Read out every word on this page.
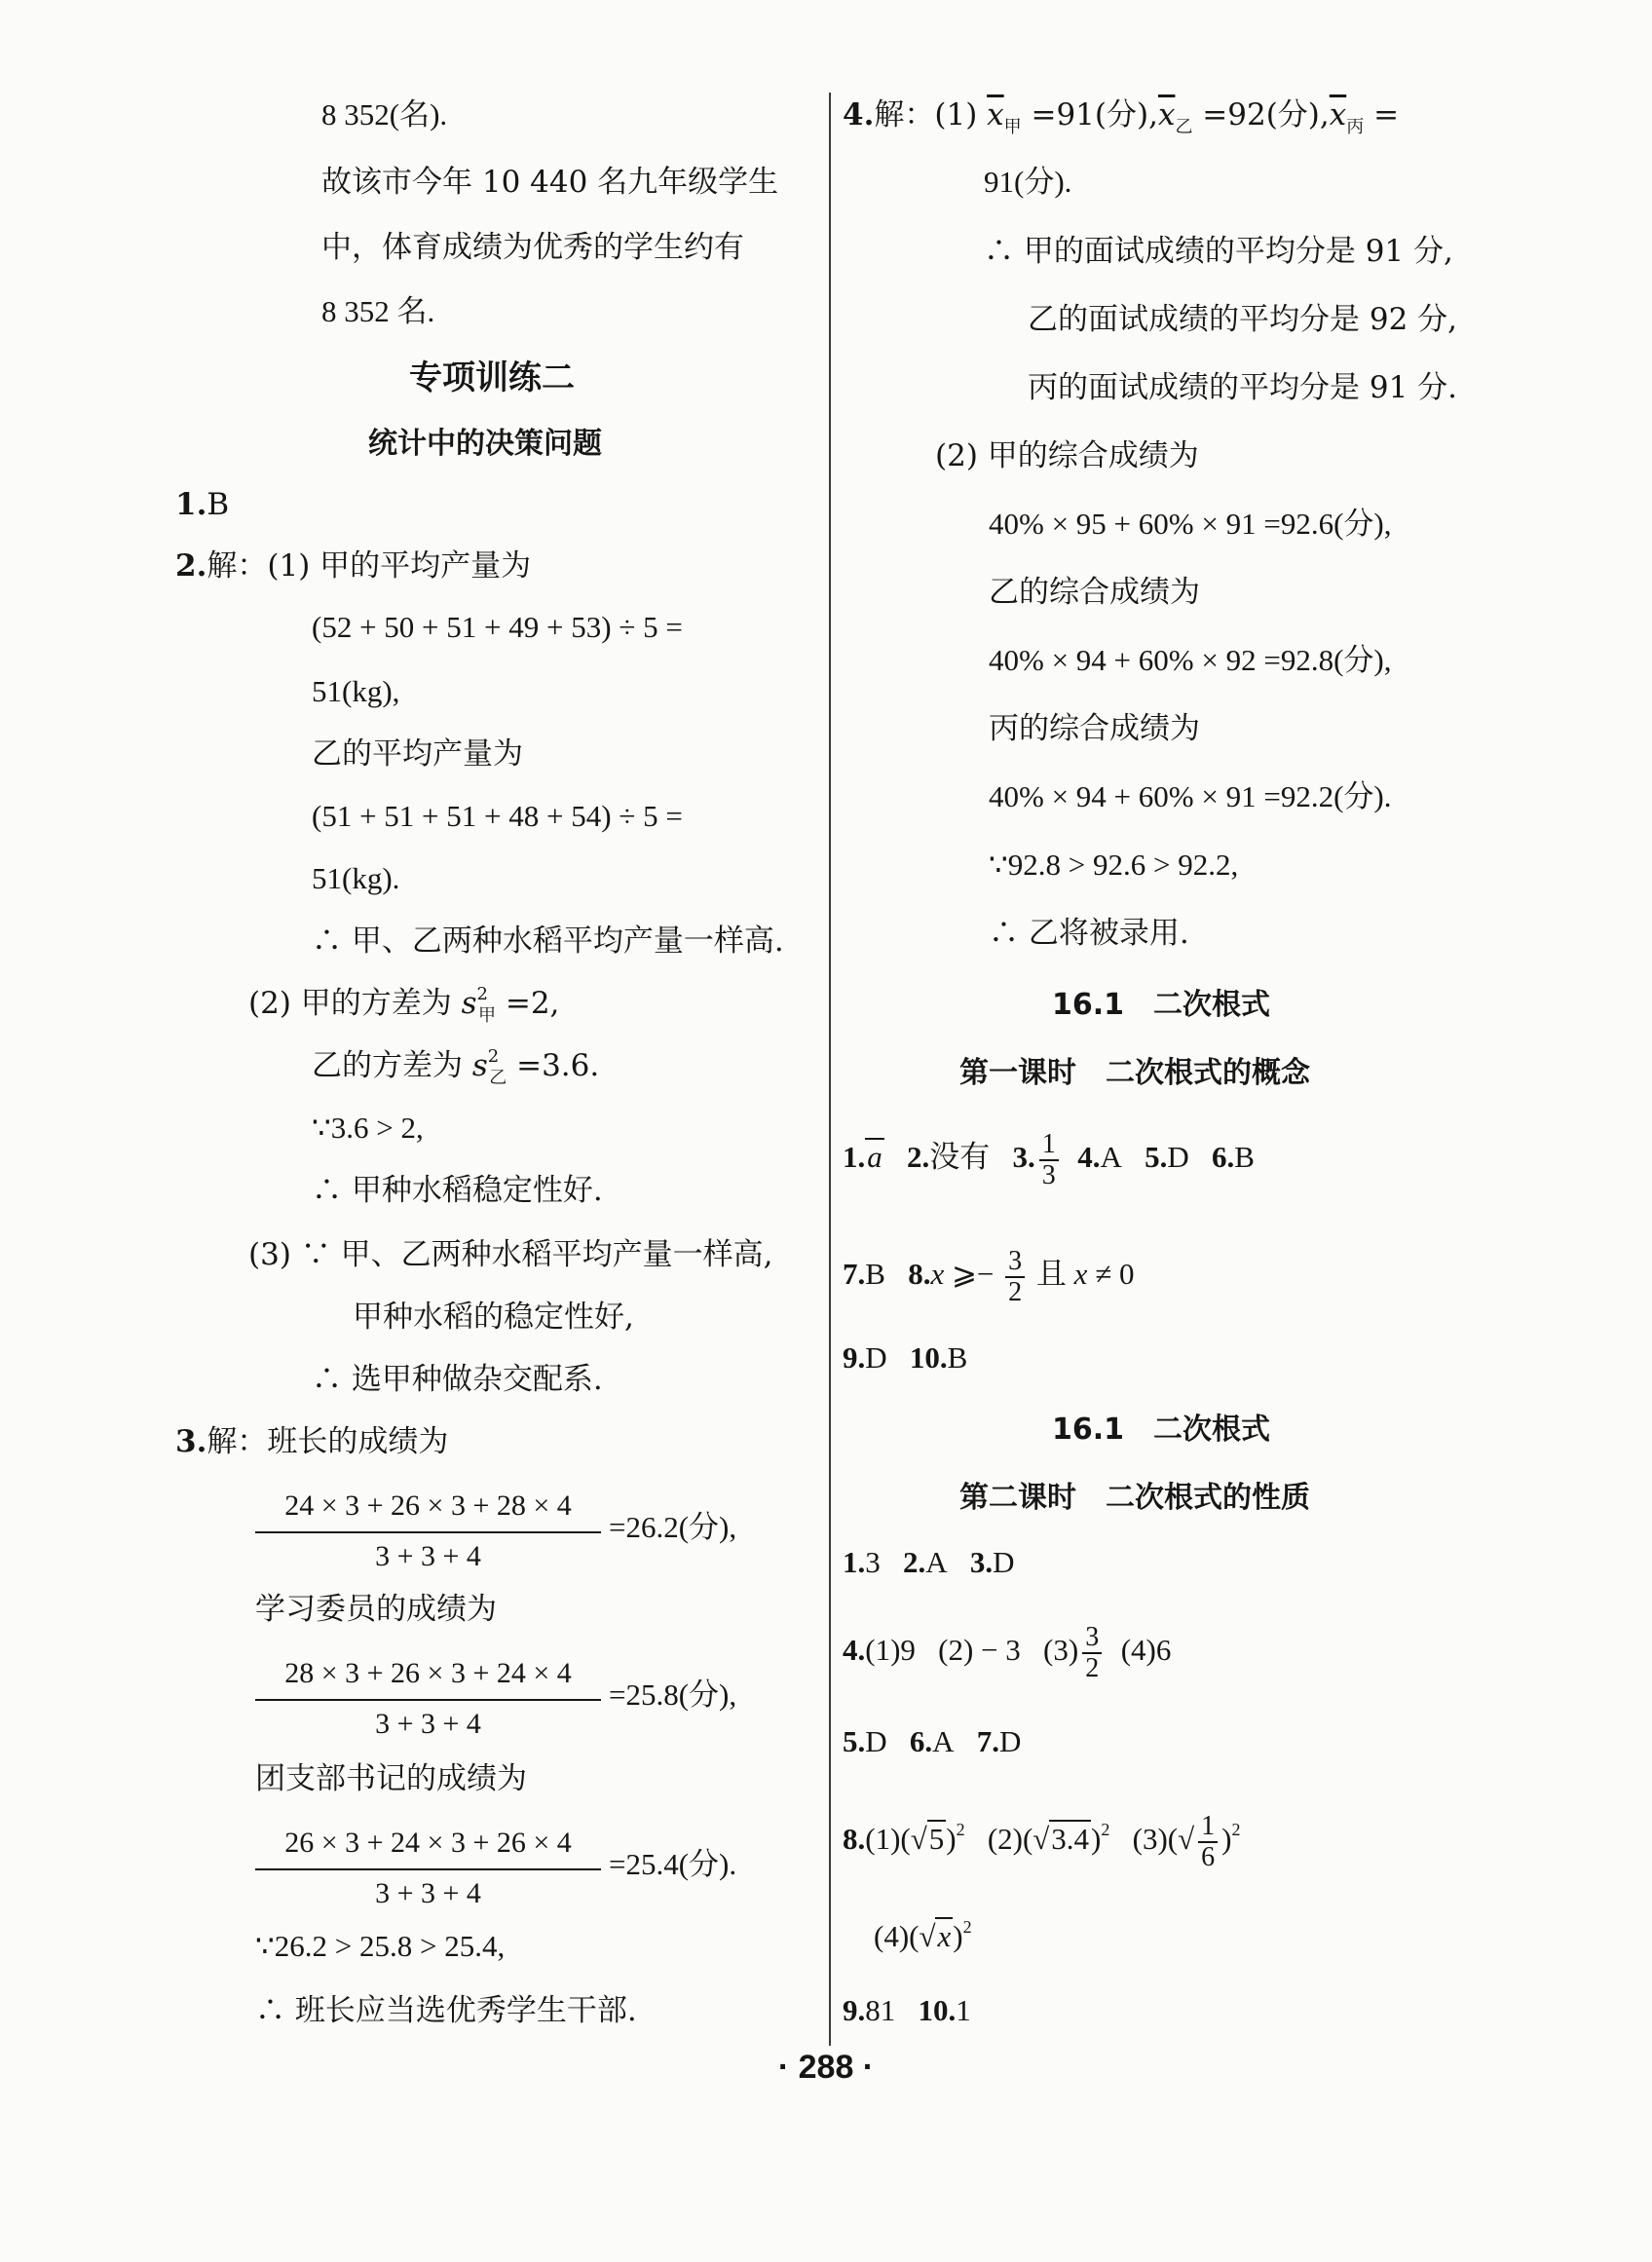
8 352(名).
故该市今年 10 440 名九年级学生
中，体育成绩为优秀的学生约有
8 352 名.
专项训练二
统计中的决策问题
1.B
2.解：(1) 甲的平均产量为
(52 + 50 + 51 + 49 + 53) ÷ 5 =
51(kg),
乙的平均产量为
(51 + 51 + 51 + 48 + 54) ÷ 5 =
51(kg).
∴ 甲、乙两种水稻平均产量一样高.
(2) 甲的方差为 $s^2_甲 =2$,
乙的方差为 $s^2_乙 =3.6$.
∵3.6 > 2,
∴ 甲种水稻稳定性好.
(3) ∵ 甲、乙两种水稻平均产量一样高,
甲种水稻的稳定性好,
∴ 选甲种做杂交配系.
3.解：班长的成绩为
24 × 3 + 26 × 3 + 28 × 4
3 + 3 + 4
=26.2(分),
学习委员的成绩为
28 × 3 + 26 × 3 + 24 × 4
3 + 3 + 4
=25.8(分),
团支部书记的成绩为
26 × 3 + 24 × 3 + 26 × 4
3 + 3 + 4
=25.4(分).
∵26.2 > 25.8 > 25.4,
∴ 班长应当选优秀学生干部.
4.解：(1) $\overline{x}_甲 =91$(分)$,\overline{x}_乙 =92$(分)$,\overline{x}_丙$ =
91(分).
∴ 甲的面试成绩的平均分是 91 分,
乙的面试成绩的平均分是 92 分,
丙的面试成绩的平均分是 91 分.
(2) 甲的综合成绩为
40% × 95 + 60% × 91 =92.6(分),
乙的综合成绩为
40% × 94 + 60% × 92 =92.8(分),
丙的综合成绩为
40% × 94 + 60% × 91 =92.2(分).
∵92.8 > 92.6 > 92.2,
∴ 乙将被录用.
16.1　二次根式
第一课时　二次根式的概念
1.a 2.没有   3. $\frac{1}{3} 4.A$   5.D   6.B
7.B   8.x ⩾− $\frac{3}{2}$ 且 x ≠ 0
9.D   10.B
16.1　二次根式
第二课时　二次根式的性质
1.3   2.A   3.D
4.(1)9   (2) − 3   $(3) \frac{3}{2} (4)6$
5.D   6.A   7.D
$8.(1)(√5)^2$   $(2)(√3.4)^2$   $(3)(√ \frac{1}{6} )^2$
$(4)(√x)^2$
9.81   10.1
· 288 ·
